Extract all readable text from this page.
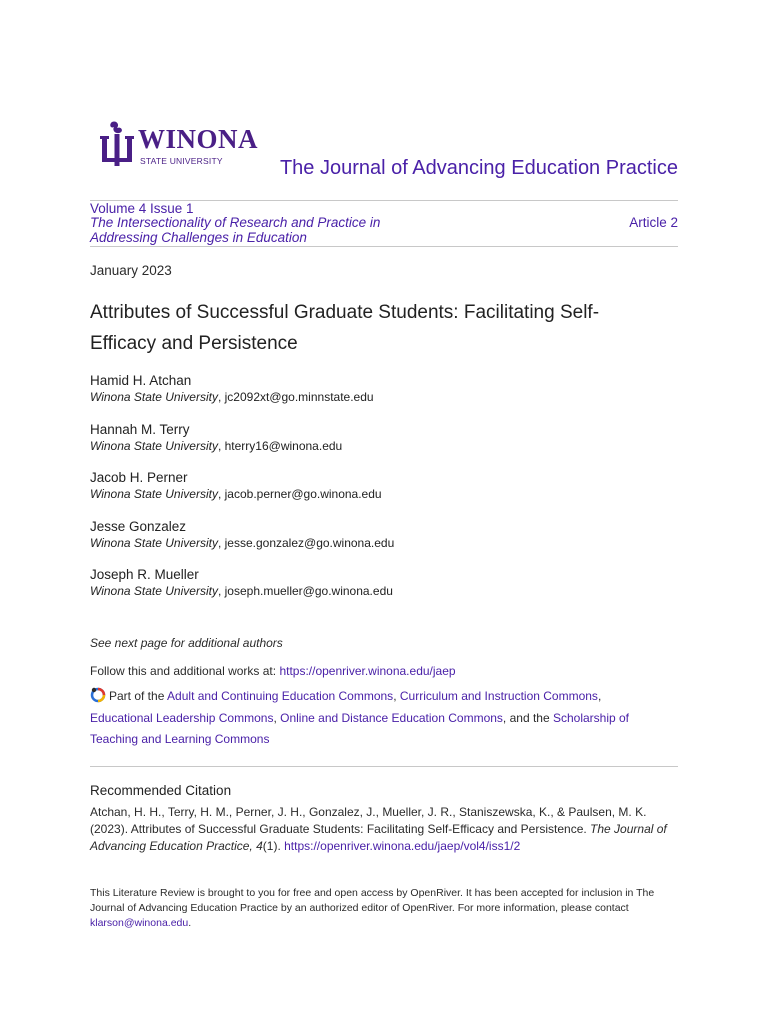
WINONA
STATE UNIVERSITY	The Journal of Advancing Education Practice
Volume 4 Issue 1
The Intersectionality of Research and Practice in Addressing Challenges in Education
Article 2
January 2023
Attributes of Successful Graduate Students: Facilitating Self-Efficacy and Persistence
Hamid H. Atchan
Winona State University, jc2092xt@go.minnstate.edu
Hannah M. Terry
Winona State University, hterry16@winona.edu
Jacob H. Perner
Winona State University, jacob.perner@go.winona.edu
Jesse Gonzalez
Winona State University, jesse.gonzalez@go.winona.edu
Joseph R. Mueller
Winona State University, joseph.mueller@go.winona.edu
See next page for additional authors
Follow this and additional works at: https://openriver.winona.edu/jaep
Part of the Adult and Continuing Education Commons, Curriculum and Instruction Commons,
Educational Leadership Commons, Online and Distance Education Commons, and the Scholarship of Teaching and Learning Commons
Recommended Citation
Atchan, H. H., Terry, H. M., Perner, J. H., Gonzalez, J., Mueller, J. R., Staniszewska, K., & Paulsen, M. K. (2023). Attributes of Successful Graduate Students: Facilitating Self-Efficacy and Persistence. The Journal of Advancing Education Practice, 4(1). https://openriver.winona.edu/jaep/vol4/iss1/2
This Literature Review is brought to you for free and open access by OpenRiver. It has been accepted for inclusion in The Journal of Advancing Education Practice by an authorized editor of OpenRiver. For more information, please contact klarson@winona.edu.
